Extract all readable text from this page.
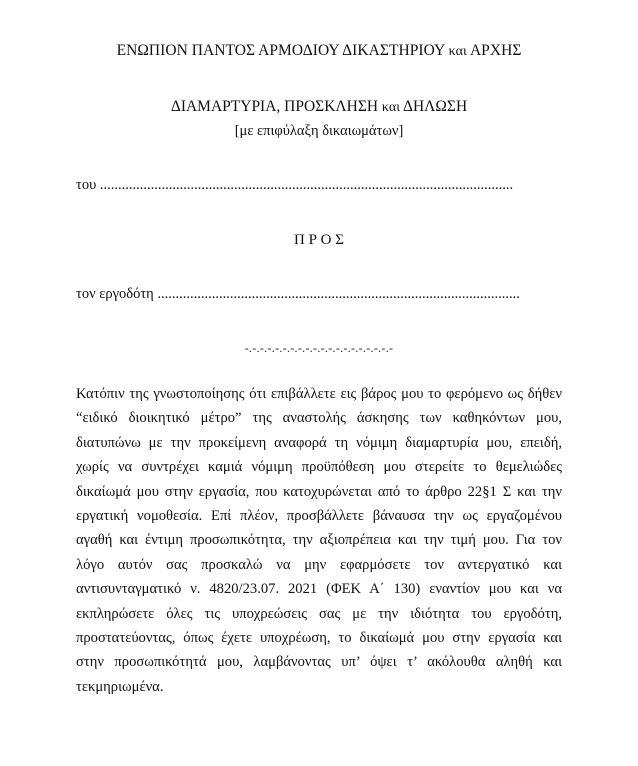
ΕΝΩΠΙΟΝ ΠΑΝΤΟΣ ΑΡΜΟΔΙΟΥ ΔΙΚΑΣΤΗΡΙΟΥ και ΑΡΧΗΣ
ΔΙΑΜΑΡΤΥΡΙΑ, ΠΡΟΣΚΛΗΣΗ και ΔΗΛΩΣΗ
[με επιφύλαξη δικαιωμάτων]
του ..................................................................................................................
Π Ρ Ο Σ
τον εργοδότη ....................................................................................................
-.-.-.-.-.-.-.-.-.-.-.-.-.-.-.-.-.-.-.-
Κατόπιν της γνωστοποίησης ότι επιβάλλετε εις βάρος μου το φερόμενο ως δήθεν
“ειδικό διοικητικό μέτρο” της αναστολής άσκησης των καθηκόντων μου,
διατυπώνω με την προκείμενη αναφορά τη νόμιμη διαμαρτυρία μου, επειδή,
χωρίς να συντρέχει καμιά νόμιμη προϋπόθεση μου στερείτε το θεμελιώδες
δικαίωμά μου στην εργασία, που κατοχυρώνεται από το άρθρο 22§1 Σ και την
εργατική νομοθεσία. Επί πλέον, προσβάλλετε βάναυσα την ως εργαζομένου
αγαθή και έντιμη προσωπικότητα, την αξιοπρέπεια και την τιμή μου. Για τον
λόγο αυτόν σας προσκαλώ να μην εφαρμόσετε τον αντεργατικό και
αντισυνταγματικό ν. 4820/23.07. 2021 (ΦΕΚ Α΄ 130) εναντίον μου και να
εκπληρώσετε όλες τις υποχρεώσεις σας με την ιδιότητα του εργοδότη,
προστατεύοντας, όπως έχετε υποχρέωση, το δικαίωμά μου στην εργασία και
στην προσωπικότητά μου, λαμβάνοντας υπ’ όψει τ’ ακόλουθα αληθή και
τεκμηριωμένα.
